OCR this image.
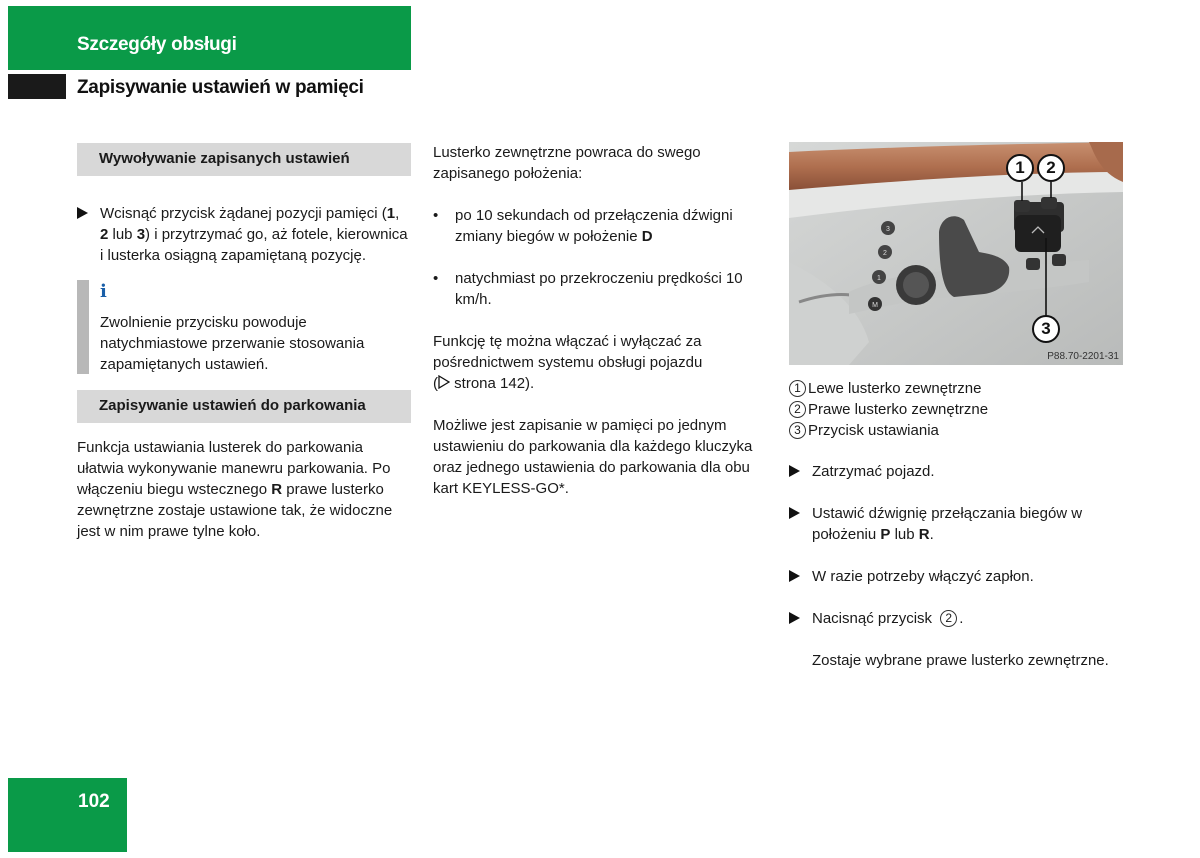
Szczegóły obsługi
Zapisywanie ustawień w pamięci
Wywoływanie zapisanych ustawień
Wcisnąć przycisk żądanej pozycji pamięci (1,
2 lub 3) i przytrzymać go, aż fotele, kierownica i lusterka osiągną zapamiętaną pozycję.
i
Zwolnienie przycisku powoduje natychmiastowe przerwanie stosowania zapamiętanych ustawień.
Zapisywanie ustawień do parkowania
Funkcja ustawiania lusterek do parkowania ułatwia wykonywanie manewru parkowania. Po włączeniu biegu wstecznego R prawe lusterko zewnętrzne zostaje ustawione tak, że widoczne jest w nim prawe tylne koło.
Lusterko zewnętrzne powraca do swego zapisanego położenia:
•	po 10 sekundach od przełączenia dźwigni zmiany biegów w położenie D
•	natychmiast po przekroczeniu prędkości 10 km/h.
Funkcję tę można włączać i wyłączać za pośrednictwem systemu obsługi pojazdu
( strona 142).
Możliwe jest zapisanie w pamięci po jednym ustawieniu do parkowania dla każdego kluczyka oraz jednego ustawienia do parkowania dla obu kart KEYLESS-GO*.
3
2
1
M
1	2
3
P88.70-2201-31
1 Lewe lusterko zewnętrzne
2 Prawe lusterko zewnętrzne
3 Przycisk ustawiania
Zatrzymać pojazd.
Ustawić dźwignię przełączania biegów w położeniu P lub R.
W razie potrzeby włączyć zapłon.
Nacisnąć przycisk 2 .
Zostaje wybrane prawe lusterko zewnętrzne.
102
